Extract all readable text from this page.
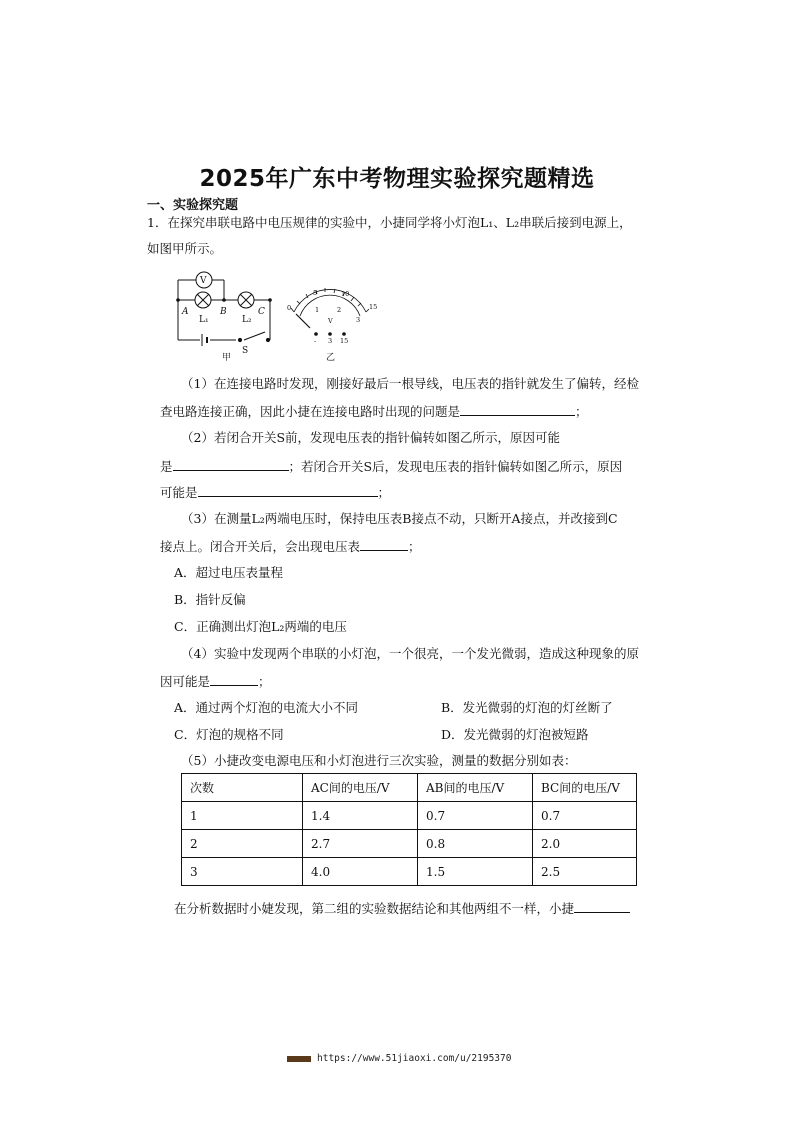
2025年广东中考物理实验探究题精选
一、实验探究题
1．在探究串联电路中电压规律的实验中，小捷同学将小灯泡L₁、L₂串联后接到电源上，
如图甲所示。
V
A	B	C
L₁	L₂
S
甲
0
5	10
15
1	2
3
V
- 3 15
乙
（1）在连接电路时发现，刚接好最后一根导线，电压表的指针就发生了偏转，经检
查电路连接正确，因此小捷在连接电路时出现的问题是	；
（2）若闭合开关S前，发现电压表的指针偏转如图乙所示，原因可能
是	；若闭合开关S后，发现电压表的指针偏转如图乙所示，原因
可能是	；
（3）在测量L₂两端电压时，保持电压表B接点不动，只断开A接点，并改接到C
接点上。闭合开关后，会出现电压表	；
A．超过电压表量程
B．指针反偏
C．正确测出灯泡L₂两端的电压
（4）实验中发现两个串联的小灯泡，一个很亮，一个发光微弱，造成这种现象的原
因可能是	；
A．通过两个灯泡的电流大小不同	B．发光微弱的灯泡的灯丝断了
C．灯泡的规格不同	D．发光微弱的灯泡被短路
（5）小捷改变电源电压和小灯泡进行三次实验，测量的数据分别如表：
次数	AC间的电压/V	AB间的电压/V	BC间的电压/V
1	1.4	0.7	0.7
2	2.7	0.8	2.0
3	4.0	1.5	2.5
在分析数据时小婕发现，第二组的实验数据结论和其他两组不一样，小捷
https://www.51jiaoxi.com/u/2195370
